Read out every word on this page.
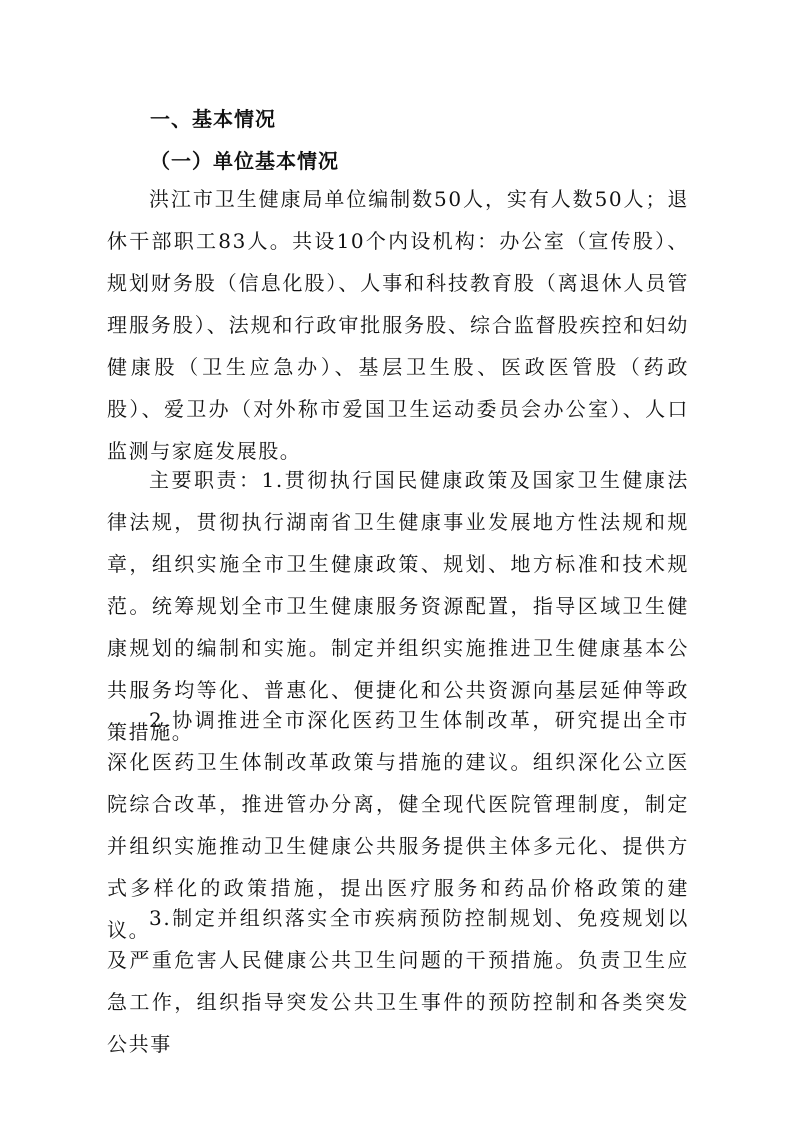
一、基本情况
（一）单位基本情况

洪江市卫生健康局单位编制数50人，实有人数50人；退休干部职工83人。共设10个内设机构：办公室（宣传股）、规划财务股（信息化股）、人事和科技教育股（离退休人员管理服务股）、法规和行政审批服务股、综合监督股疾控和妇幼健康股（卫生应急办）、基层卫生股、医政医管股（药政股）、爱卫办（对外称市爱国卫生运动委员会办公室）、人口监测与家庭发展股。

主要职责：1.贯彻执行国民健康政策及国家卫生健康法律法规，贯彻执行湖南省卫生健康事业发展地方性法规和规章，组织实施全市卫生健康政策、规划、地方标准和技术规范。统筹规划全市卫生健康服务资源配置，指导区域卫生健康规划的编制和实施。制定并组织实施推进卫生健康基本公共服务均等化、普惠化、便捷化和公共资源向基层延伸等政策措施。

2.协调推进全市深化医药卫生体制改革，研究提出全市深化医药卫生体制改革政策与措施的建议。组织深化公立医院综合改革，推进管办分离，健全现代医院管理制度，制定并组织实施推动卫生健康公共服务提供主体多元化、提供方式多样化的政策措施，提出医疗服务和药品价格政策的建议。

3.制定并组织落实全市疾病预防控制规划、免疫规划以及严重危害人民健康公共卫生问题的干预措施。负责卫生应急工作，组织指导突发公共卫生事件的预防控制和各类突发公共事
